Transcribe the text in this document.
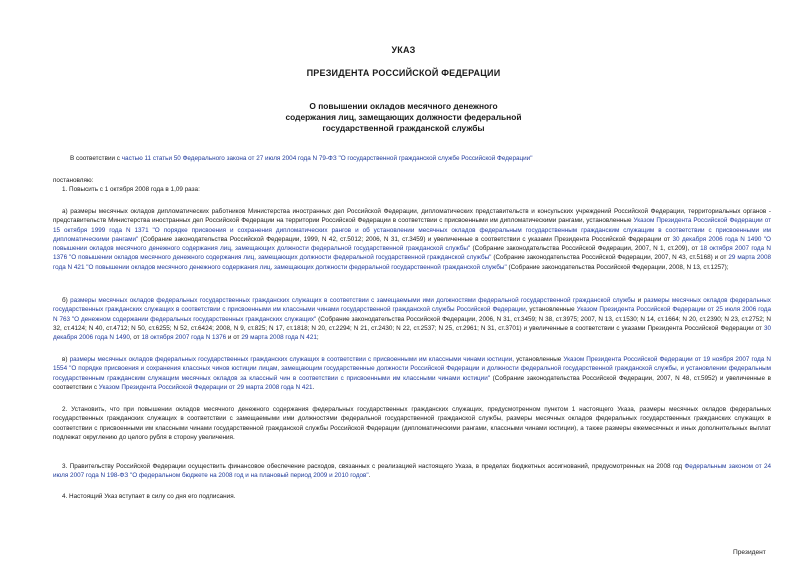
УКАЗ
ПРЕЗИДЕНТА РОССИЙСКОЙ ФЕДЕРАЦИИ
О повышении окладов месячного денежного
содержания лиц, замещающих должности федеральной
государственной гражданской службы
В соответствии с частью 11 статьи 50 Федерального закона от 27 июля 2004 года N 79-ФЗ "О государственной гражданской службе Российской Федерации"
постановляю:
1. Повысить с 1 октября 2008 года в 1,09 раза:
а) размеры месячных окладов дипломатических работников Министерства иностранных дел Российской Федерации, дипломатических представительств и консульских учреждений Российской Федерации, территориальных органов - представительств Министерства иностранных дел Российской Федерации на территории Российской Федерации в соответствии с присвоенными им дипломатическими рангами, установленные Указом Президента Российской Федерации от 15 октября 1999 года N 1371 "О порядке присвоения и сохранения дипломатических рангов и об установлении месячных окладов федеральным государственным гражданским служащим в соответствии с присвоенными им дипломатическими рангами" (Собрание законодательства Российской Федерации, 1999, N 42, ст.5012; 2006, N 31, ст.3459) и увеличенные в соответствии с указами Президента Российской Федерации от 30 декабря 2006 года N 1490 "О повышении окладов месячного денежного содержания лиц, замещающих должности федеральной государственной гражданской службы" (Собрание законодательства Российской Федерации, 2007, N 1, ст.209), от 18 октября 2007 года N 1376 "О повышении окладов месячного денежного содержания лиц, замещающих должности федеральной государственной гражданской службы" (Собрание законодательства Российской Федерации, 2007, N 43, ст.5168) и от 29 марта 2008 года N 421 "О повышении окладов месячного денежного содержания лиц, замещающих должности федеральной государственной гражданской службы" (Собрание законодательства Российской Федерации, 2008, N 13, ст.1257);
б) размеры месячных окладов федеральных государственных гражданских служащих в соответствии с замещаемыми ими должностями федеральной государственной гражданской службы и размеры месячных окладов федеральных государственных гражданских служащих в соответствии с присвоенными им классными чинами государственной гражданской службы Российской Федерации, установленные Указом Президента Российской Федерации от 25 июля 2006 года N 763 "О денежном содержании федеральных государственных гражданских служащих" (Собрание законодательства Российской Федерации, 2006, N 31, ст.3459; N 38, ст.3975; 2007, N 13, ст.1530; N 14, ст.1664; N 20, ст.2390; N 23, ст.2752; N 32, ст.4124; N 40, ст.4712; N 50, ст.6255; N 52, ст.6424; 2008, N 9, ст.825; N 17, ст.1818; N 20, ст.2294; N 21, ст.2430; N 22, ст.2537; N 25, ст.2961; N 31, ст.3701) и увеличенные в соответствии с указами Президента Российской Федерации от 30 декабря 2006 года N 1490, от 18 октября 2007 года N 1376 и от 29 марта 2008 года N 421;
в) размеры месячных окладов федеральных государственных гражданских служащих в соответствии с присвоенными им классными чинами юстиции, установленные Указом Президента Российской Федерации от 19 ноября 2007 года N 1554 "О порядке присвоения и сохранения классных чинов юстиции лицам, замещающим государственные должности Российской Федерации и должности федеральной государственной гражданской службы, и установлении федеральным государственным гражданским служащим месячных окладов за классный чин в соответствии с присвоенными им классными чинами юстиции" (Собрание законодательства Российской Федерации, 2007, N 48, ст.5952) и увеличенные в соответствии с Указом Президента Российской Федерации от 29 марта 2008 года N 421.
2. Установить, что при повышении окладов месячного денежного содержания федеральных государственных гражданских служащих, предусмотренном пунктом 1 настоящего Указа, размеры месячных окладов федеральных государственных гражданских служащих в соответствии с замещаемыми ими должностями федеральной государственной гражданской службы, размеры месячных окладов федеральных государственных гражданских служащих в соответствии с присвоенными им классными чинами государственной гражданской службы Российской Федерации (дипломатическими рангами, классными чинами юстиции), а также размеры ежемесячных и иных дополнительных выплат подлежат округлению до целого рубля в сторону увеличения.
3. Правительству Российской Федерации осуществить финансовое обеспечение расходов, связанных с реализацией настоящего Указа, в пределах бюджетных ассигнований, предусмотренных на 2008 год Федеральным законом от 24 июля 2007 года N 198-ФЗ "О федеральном бюджете на 2008 год и на плановый период 2009 и 2010 годов".
4. Настоящий Указ вступает в силу со дня его подписания.
Президент
